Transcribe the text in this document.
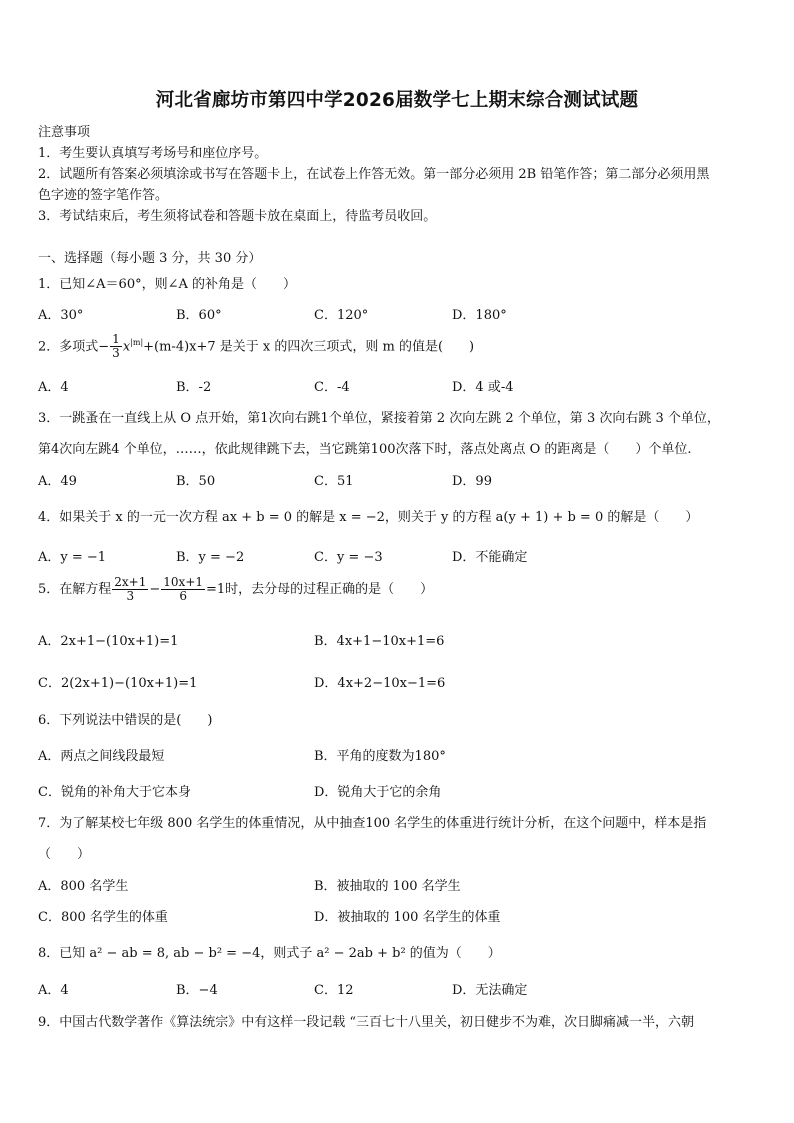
河北省廊坊市第四中学2026届数学七上期末综合测试试题
注意事项
1．考生要认真填写考场号和座位序号。
2．试题所有答案必须填涂或书写在答题卡上，在试卷上作答无效。第一部分必须用 2B 铅笔作答；第二部分必须用黑
色字迹的签字笔作答。
3．考试结束后，考生须将试卷和答题卡放在桌面上，待监考员收回。
一、选择题（每小题 3 分，共 30 分）
1．已知∠A＝60°，则∠A 的补角是（　　）
A．30°	B．60°	C．120°	D．180°
2．多项式− $\frac{1}{3} x^{|m|}+(m-4)x+7$ 是关于 x 的四次三项式，则 m 的值是(　　)
A．4	B．-2	C．-4	D．4 或-4
3．一跳蚤在一直线上从 O 点开始，第1次向右跳1个单位，紧接着第 2 次向左跳 2 个单位，第 3 次向右跳 3 个单位，
第4次向左跳4 个单位，……，依此规律跳下去，当它跳第100次落下时，落点处离点 O 的距离是（　　）个单位.
A．49	B．50	C．51	D．99
4．如果关于 x 的一元一次方程 ax + b = 0 的解是 x = −2，则关于 y 的方程 a(y + 1) + b = 0 的解是（　　）
A．y = −1	B．y = −2	C．y = −3	D．不能确定
5．在解方程 $\frac{2x+1}{3} - \frac{10x+1}{6} =1$时，去分母的过程正确的是（　　）
A．2x+1−(10x+1)=1	B．4x+1−10x+1=6
C．2(2x+1)−(10x+1)=1	D．4x+2−10x−1=6
6．下列说法中错误的是(　　)
A．两点之间线段最短	B．平角的度数为180°
C．锐角的补角大于它本身	D．锐角大于它的余角
7．为了解某校七年级 800 名学生的体重情况，从中抽查100 名学生的体重进行统计分析，在这个问题中，样本是指
（　　）
A．800 名学生	B．被抽取的 100 名学生
C．800 名学生的体重	D．被抽取的 100 名学生的体重
8．已知 a² − ab = 8, ab − b² = −4，则式子 a² − 2ab + b² 的值为（　　）
A．4	B．−4	C．12	D．无法确定
9．中国古代数学著作《算法统宗》中有这样一段记载 “三百七十八里关，初日健步不为难，次日脚痛减一半，六朝
